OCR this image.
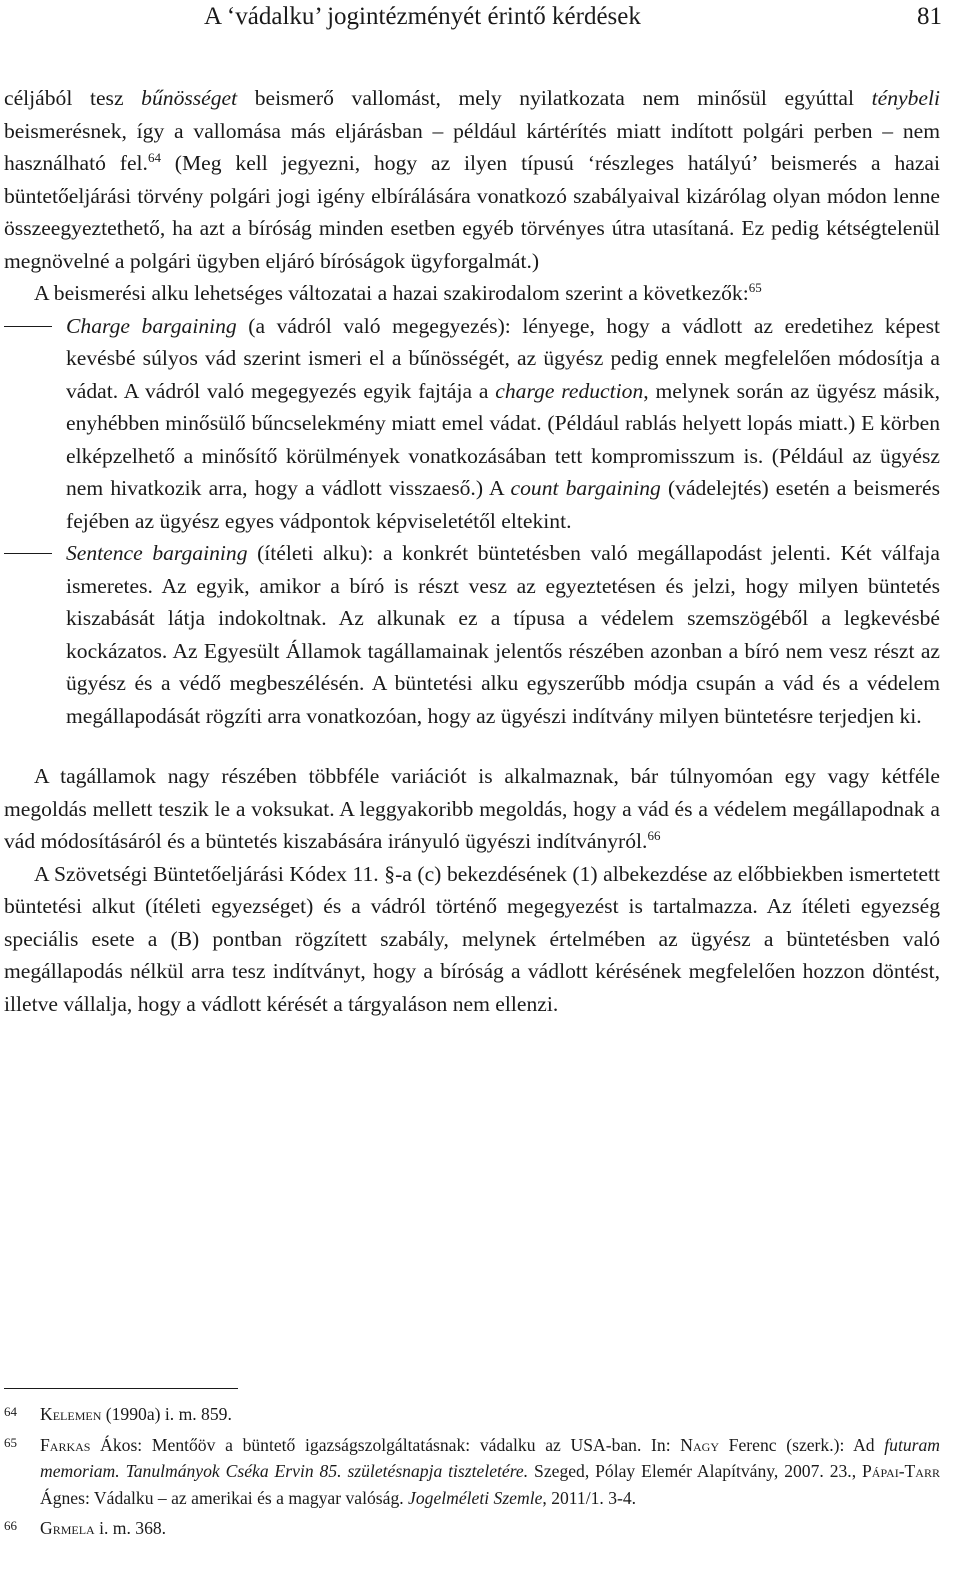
A ‘vádalku’ jogintézményét érintő kérdések	81

céljából tesz bűnösséget beismerő vallomást, mely nyilatkozata nem minősül egyúttal ténybeli beismerésnek, így a vallomása más eljárásban – például kártérítés miatt indított polgári perben – nem használható fel.$^{64}$ (Meg kell jegyezni, hogy az ilyen típusú ‘részleges hatályú’ beismerés a hazai büntetőeljárási törvény polgári jogi igény elbírálására vonatkozó szabályaival kizárólag olyan módon lenne összeegyeztethető, ha azt a bíróság minden esetben egyéb törvényes útra utasítaná. Ez pedig kétségtelenül megnövelné a polgári ügyben eljáró bíróságok ügyforgalmát.)

A beismerési alku lehetséges változatai a hazai szakirodalom szerint a következők:$^{65}$

Charge bargaining (a vádról való megegyezés): lényege, hogy a vádlott az eredetihez képest kevésbé súlyos vád szerint ismeri el a bűnösségét, az ügyész pedig ennek megfelelően módosítja a vádat. A vádról való megegyezés egyik fajtája a charge reduction, melynek során az ügyész másik, enyhébben minősülő bűncselekmény miatt emel vádat. (Például rablás helyett lopás miatt.) E körben elképzelhető a minősítő körülmények vonatkozásában tett kompromisszum is. (Például az ügyész nem hivatkozik arra, hogy a vádlott visszaeső.) A count bargaining (vádelejtés) esetén a beismerés fejében az ügyész egyes vádpontok képviseletétől eltekint.

Sentence bargaining (ítéleti alku): a konkrét büntetésben való megállapodást jelenti. Két válfaja ismeretes. Az egyik, amikor a bíró is részt vesz az egyeztetésen és jelzi, hogy milyen büntetés kiszabását látja indokoltnak. Az alkunak ez a típusa a védelem szemszögéből a legkevésbé kockázatos. Az Egyesült Államok tagállamainak jelentős részében azonban a bíró nem vesz részt az ügyész és a védő megbeszélésén. A büntetési alku egyszerűbb módja csupán a vád és a védelem megállapodását rögzíti arra vonatkozóan, hogy az ügyészi indítvány milyen büntetésre terjedjen ki.

A tagállamok nagy részében többféle variációt is alkalmaznak, bár túlnyomóan egy vagy kétféle megoldás mellett teszik le a voksukat. A leggyakoribb megoldás, hogy a vád és a védelem megállapodnak a vád módosításáról és a büntetés kiszabására irányuló ügyészi indítványról.$^{66}$

A Szövetségi Büntetőeljárási Kódex 11. §-a (c) bekezdésének (1) albekezdése az előbbiekben ismertetett büntetési alkut (ítéleti egyezséget) és a vádról történő megegyezést is tartalmazza. Az ítéleti egyezség speciális esete a (B) pontban rögzített szabály, melynek értelmében az ügyész a büntetésben való megállapodás nélkül arra tesz indítványt, hogy a bíróság a vádlott kérésének megfelelően hozzon döntést, illetve vállalja, hogy a vádlott kérését a tárgyaláson nem ellenzi.

64 Kelemen (1990a) i. m. 859.

65 Farkas Ákos: Mentőöv a büntető igazságszolgáltatásnak: vádalku az USA-ban. In: Nagy Ferenc (szerk.): Ad futuram memoriam. Tanulmányok Cséka Ervin 85. születésnapja tiszteletére. Szeged, Pólay Elemér Alapítvány, 2007. 23., Pápai-Tarr Ágnes: Vádalku – az amerikai és a magyar valóság. Jogelméleti Szemle, 2011/1. 3-4.

66 Grmela i. m. 368.
